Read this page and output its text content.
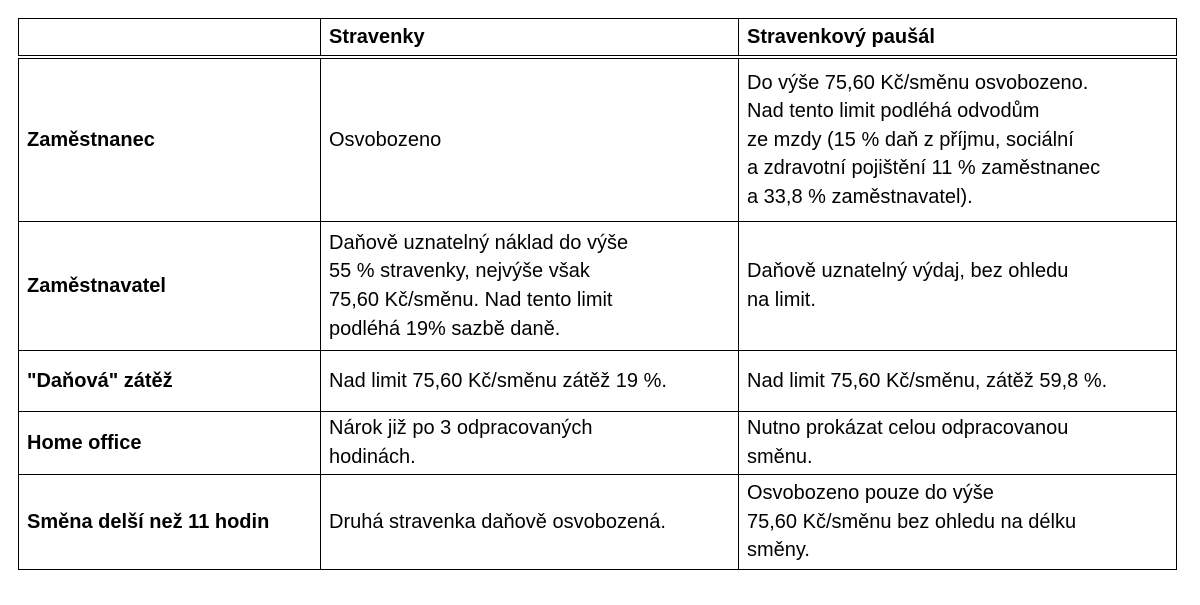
	Stravenky	Stravenkový paušál

Zaměstnanec	Osvobozeno	Do výše 75,60 Kč/směnu osvobozeno.
Nad tento limit podléhá odvodům
ze mzdy (15 % daň z příjmu, sociální
a zdravotní pojištění 11 % zaměstnanec
a 33,8 % zaměstnavatel).

Zaměstnavatel	Daňově uznatelný náklad do výše
55 % stravenky, nejvýše však
75,60 Kč/směnu. Nad tento limit
podléhá 19% sazbě daně.	Daňově uznatelný výdaj, bez ohledu
na limit.

"Daňová" zátěž	Nad limit 75,60 Kč/směnu zátěž 19 %.	Nad limit 75,60 Kč/směnu, zátěž 59,8 %.

Home office	Nárok již po 3 odpracovaných
hodinách.	Nutno prokázat celou odpracovanou
směnu.

Směna delší než 11 hodin	Druhá stravenka daňově osvobozená.	Osvobozeno pouze do výše
75,60 Kč/směnu bez ohledu na délku
směny.
